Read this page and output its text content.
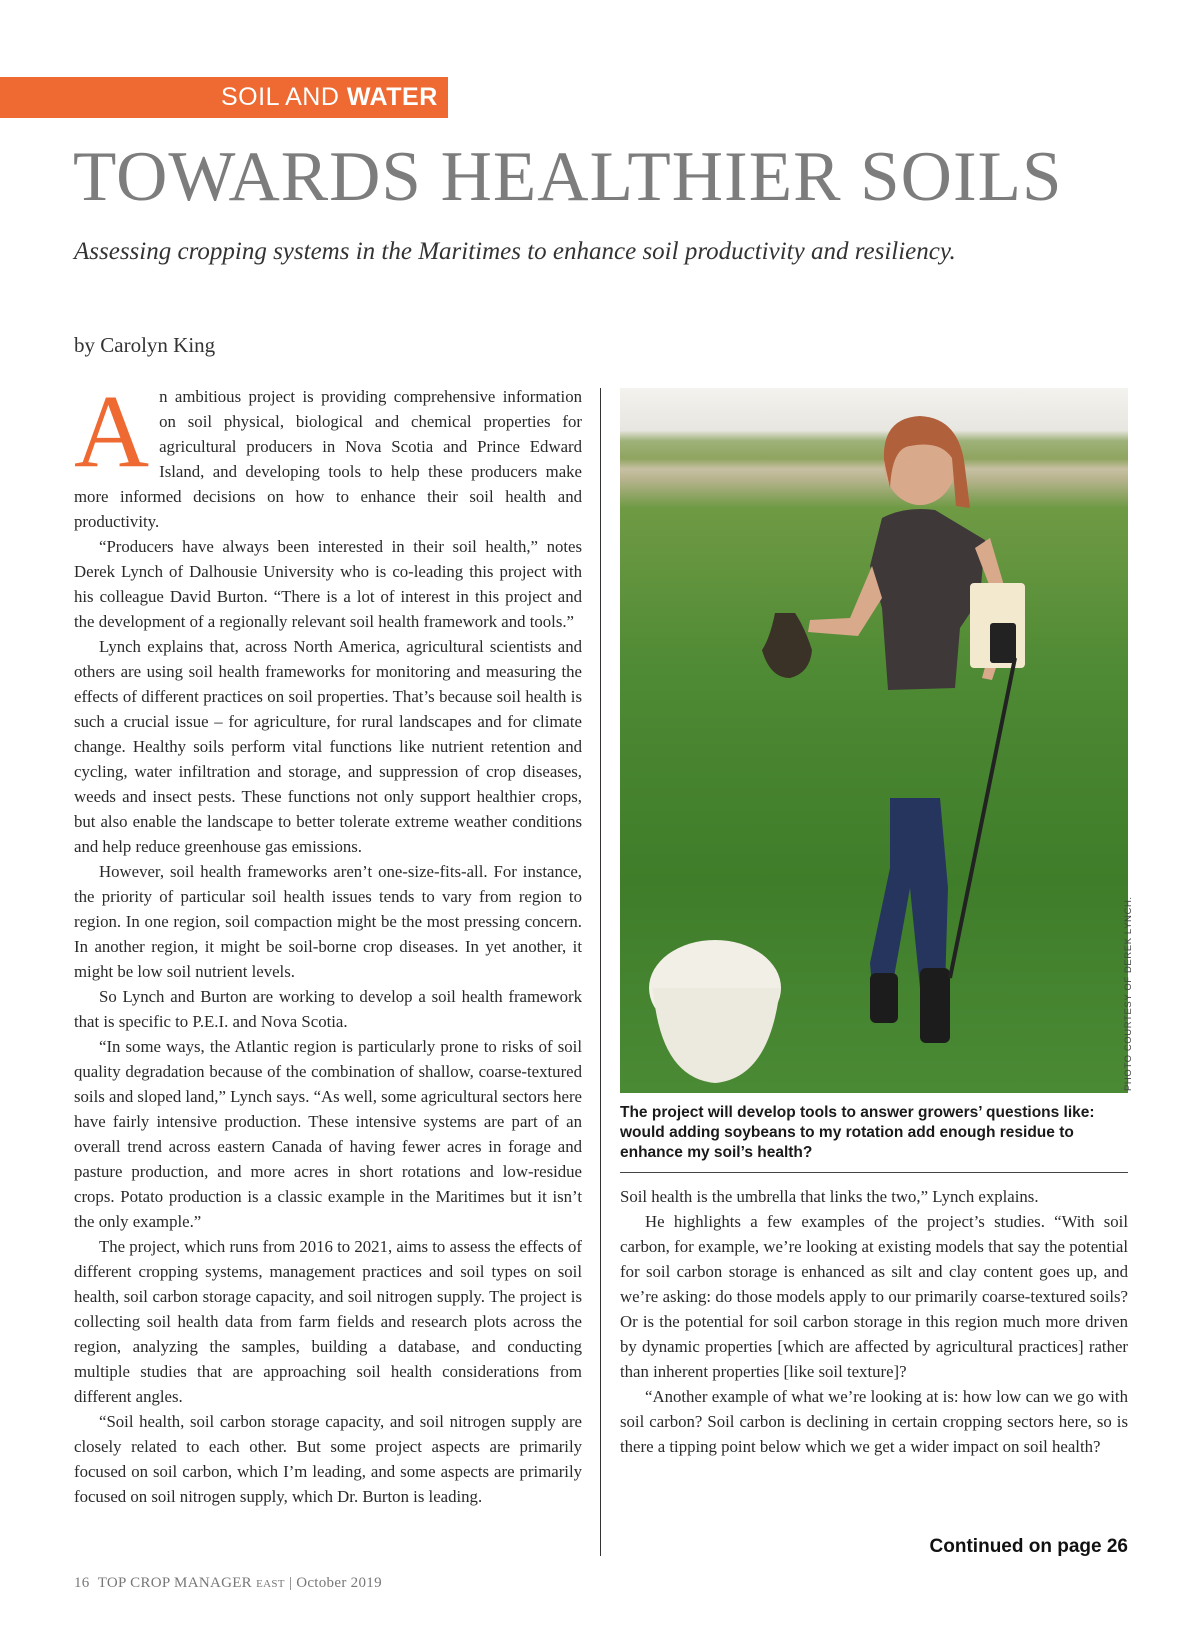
SOIL AND WATER
TOWARDS HEALTHIER SOILS

Assessing cropping systems in the Maritimes to enhance soil productivity and resiliency.

by Carolyn King

An ambitious project is providing comprehensive information on soil physical, biological and chemical properties for agricultural producers in Nova Scotia and Prince Edward Island, and developing tools to help these producers make more informed decisions on how to enhance their soil health and productivity.

“Producers have always been interested in their soil health,” notes Derek Lynch of Dalhousie University who is co-leading this project with his colleague David Burton. “There is a lot of interest in this project and the development of a regionally relevant soil health framework and tools.”

Lynch explains that, across North America, agricultural scientists and others are using soil health frameworks for monitoring and measuring the effects of different practices on soil properties. That’s because soil health is such a crucial issue – for agriculture, for rural landscapes and for climate change. Healthy soils perform vital functions like nutrient retention and cycling, water infiltration and storage, and suppression of crop diseases, weeds and insect pests. These functions not only support healthier crops, but also enable the landscape to better tolerate extreme weather conditions and help reduce greenhouse gas emissions.

However, soil health frameworks aren’t one-size-fits-all. For instance, the priority of particular soil health issues tends to vary from region to region. In one region, soil compaction might be the most pressing concern. In another region, it might be soil-borne crop diseases. In yet another, it might be low soil nutrient levels.

So Lynch and Burton are working to develop a soil health framework that is specific to P.E.I. and Nova Scotia.

“In some ways, the Atlantic region is particularly prone to risks of soil quality degradation because of the combination of shallow, coarse-textured soils and sloped land,” Lynch says. “As well, some agricultural sectors here have fairly intensive production. These intensive systems are part of an overall trend across eastern Canada of having fewer acres in forage and pasture production, and more acres in short rotations and low-residue crops. Potato production is a classic example in the Maritimes but it isn’t the only example.”

The project, which runs from 2016 to 2021, aims to assess the effects of different cropping systems, management practices and soil types on soil health, soil carbon storage capacity, and soil nitrogen supply. The project is collecting soil health data from farm fields and research plots across the region, analyzing the samples, building a database, and conducting multiple studies that are approaching soil health considerations from different angles.

“Soil health, soil carbon storage capacity, and soil nitrogen supply are closely related to each other. But some project aspects are primarily focused on soil carbon, which I’m leading, and some aspects are primarily focused on soil nitrogen supply, which Dr. Burton is leading.

PHOTO COURTESY OF DEREK LYNCH.

The project will develop tools to answer growers’ questions like: would adding soybeans to my rotation add enough residue to enhance my soil’s health?

Soil health is the umbrella that links the two,” Lynch explains.

He highlights a few examples of the project’s studies. “With soil carbon, for example, we’re looking at existing models that say the potential for soil carbon storage is enhanced as silt and clay content goes up, and we’re asking: do those models apply to our primarily coarse-textured soils? Or is the potential for soil carbon storage in this region much more driven by dynamic properties [which are affected by agricultural practices] rather than inherent properties [like soil texture]?

“Another example of what we’re looking at is: how low can we go with soil carbon? Soil carbon is declining in certain cropping sectors here, so is there a tipping point below which we get a wider impact on soil health?

Continued on page 26

16 TOP CROP MANAGER EAST | October 2019
